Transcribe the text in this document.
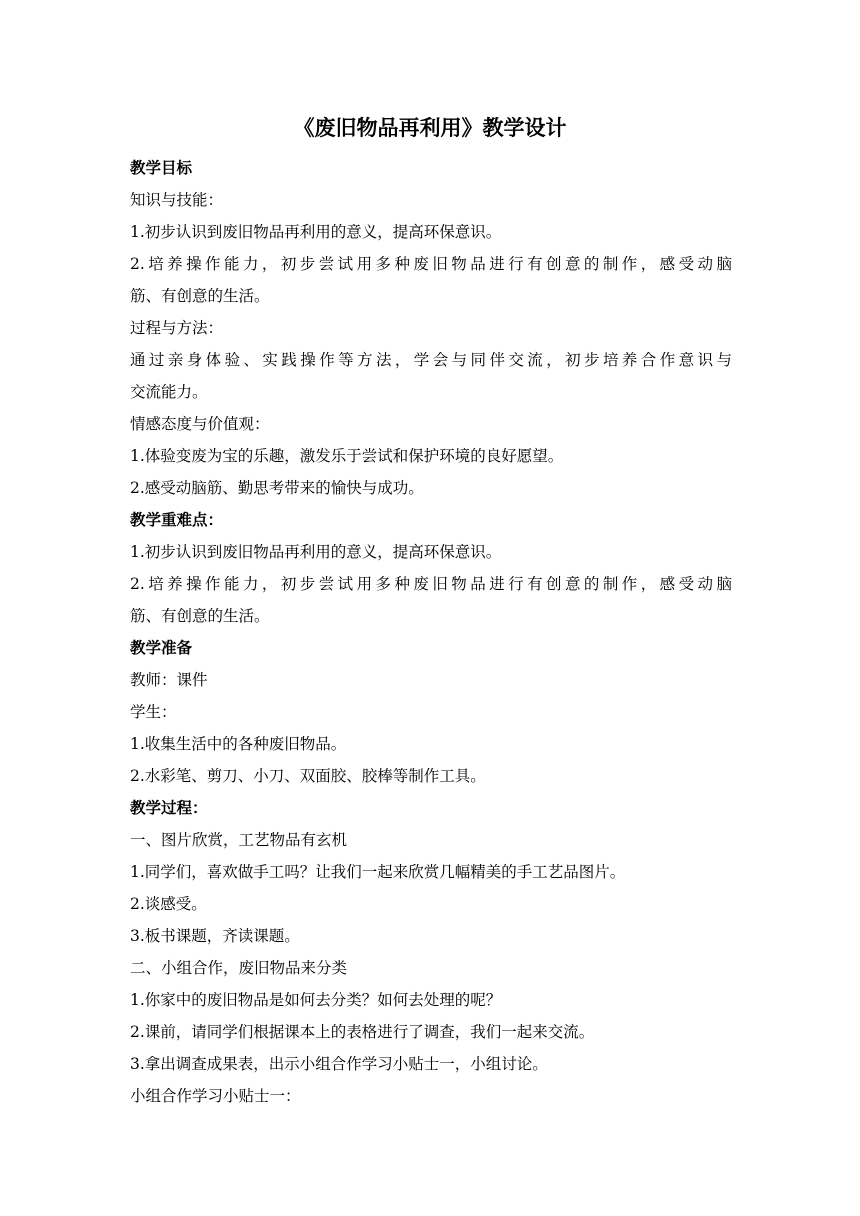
《废旧物品再利用》教学设计
教学目标
知识与技能：
1.初步认识到废旧物品再利用的意义，提高环保意识。
2.培养操作能力，初步尝试用多种废旧物品进行有创意的制作，感受动脑
筋、有创意的生活。
过程与方法：
通过亲身体验、实践操作等方法，学会与同伴交流，初步培养合作意识与
交流能力。
情感态度与价值观：
1.体验变废为宝的乐趣，激发乐于尝试和保护环境的良好愿望。
2.感受动脑筋、勤思考带来的愉快与成功。
教学重难点：
1.初步认识到废旧物品再利用的意义，提高环保意识。
2.培养操作能力，初步尝试用多种废旧物品进行有创意的制作，感受动脑
筋、有创意的生活。
教学准备
教师：课件
学生：
1.收集生活中的各种废旧物品。
2.水彩笔、剪刀、小刀、双面胶、胶棒等制作工具。
教学过程：
一、图片欣赏，工艺物品有玄机
1.同学们，喜欢做手工吗？让我们一起来欣赏几幅精美的手工艺品图片。
2.谈感受。
3.板书课题，齐读课题。
二、小组合作，废旧物品来分类
1.你家中的废旧物品是如何去分类？如何去处理的呢？
2.课前，请同学们根据课本上的表格进行了调查，我们一起来交流。
3.拿出调查成果表，出示小组合作学习小贴士一，小组讨论。
小组合作学习小贴士一：
